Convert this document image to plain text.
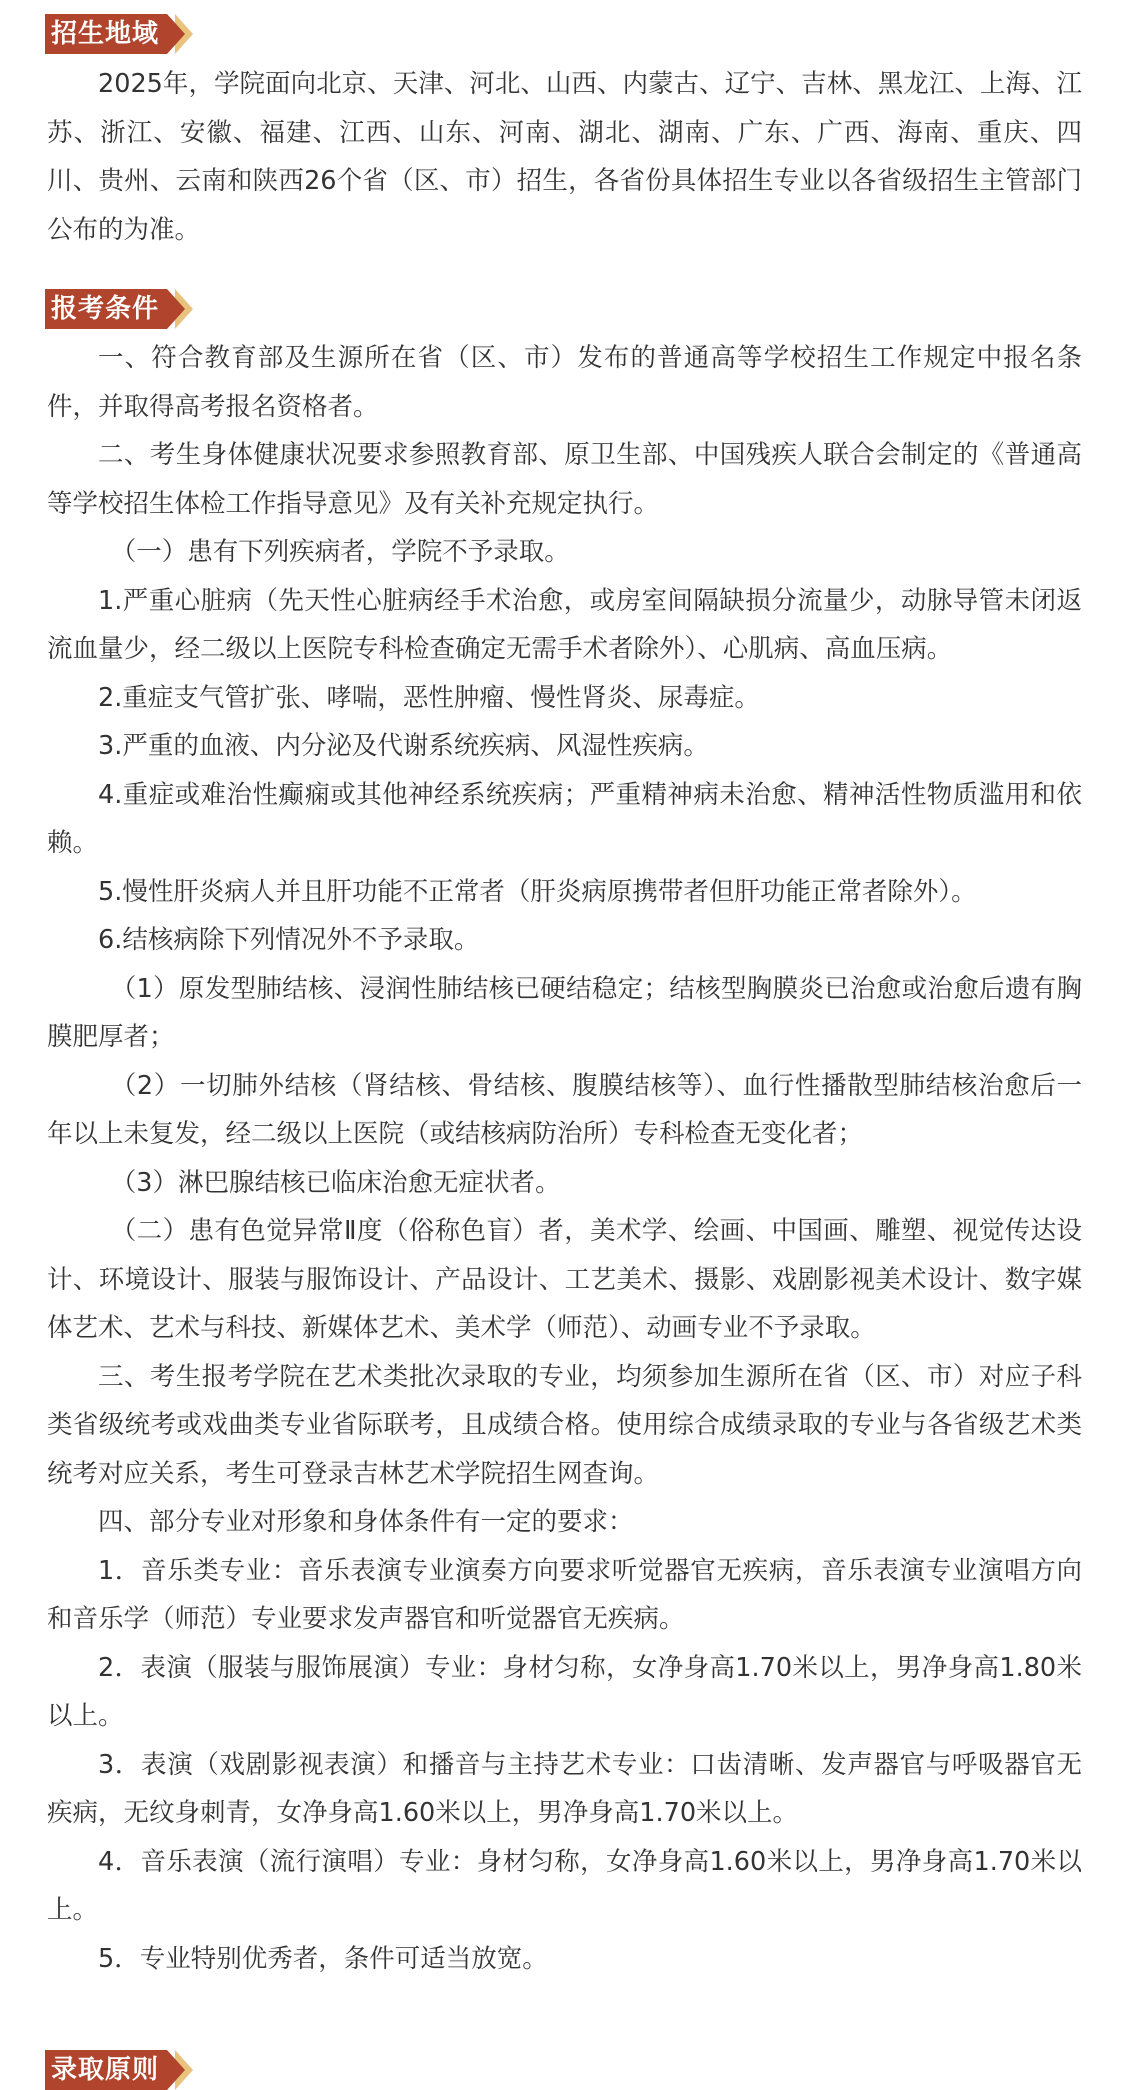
招生地域

2025年，学院面向北京、天津、河北、山西、内蒙古、辽宁、吉林、黑龙江、上海、江苏、浙江、安徽、福建、江西、山东、河南、湖北、湖南、广东、广西、海南、重庆、四川、贵州、云南和陕西26个省（区、市）招生，各省份具体招生专业以各省级招生主管部门公布的为准。

报考条件

一、符合教育部及生源所在省（区、市）发布的普通高等学校招生工作规定中报名条件，并取得高考报名资格者。

二、考生身体健康状况要求参照教育部、原卫生部、中国残疾人联合会制定的《普通高等学校招生体检工作指导意见》及有关补充规定执行。

（一）患有下列疾病者，学院不予录取。

1.严重心脏病（先天性心脏病经手术治愈，或房室间隔缺损分流量少，动脉导管未闭返流血量少，经二级以上医院专科检查确定无需手术者除外）、心肌病、高血压病。

2.重症支气管扩张、哮喘，恶性肿瘤、慢性肾炎、尿毒症。

3.严重的血液、内分泌及代谢系统疾病、风湿性疾病。

4.重症或难治性癫痫或其他神经系统疾病；严重精神病未治愈、精神活性物质滥用和依赖。

5.慢性肝炎病人并且肝功能不正常者（肝炎病原携带者但肝功能正常者除外）。

6.结核病除下列情况外不予录取。

（1）原发型肺结核、浸润性肺结核已硬结稳定；结核型胸膜炎已治愈或治愈后遗有胸膜肥厚者；

（2）一切肺外结核（肾结核、骨结核、腹膜结核等）、血行性播散型肺结核治愈后一年以上未复发，经二级以上医院（或结核病防治所）专科检查无变化者；

（3）淋巴腺结核已临床治愈无症状者。

（二）患有色觉异常Ⅱ度（俗称色盲）者，美术学、绘画、中国画、雕塑、视觉传达设计、环境设计、服装与服饰设计、产品设计、工艺美术、摄影、戏剧影视美术设计、数字媒体艺术、艺术与科技、新媒体艺术、美术学（师范）、动画专业不予录取。

三、考生报考学院在艺术类批次录取的专业，均须参加生源所在省（区、市）对应子科类省级统考或戏曲类专业省际联考，且成绩合格。使用综合成绩录取的专业与各省级艺术类统考对应关系，考生可登录吉林艺术学院招生网查询。

四、部分专业对形象和身体条件有一定的要求：

1．音乐类专业：音乐表演专业演奏方向要求听觉器官无疾病，音乐表演专业演唱方向和音乐学（师范）专业要求发声器官和听觉器官无疾病。

2．表演（服装与服饰展演）专业：身材匀称，女净身高1.70米以上，男净身高1.80米以上。

3．表演（戏剧影视表演）和播音与主持艺术专业：口齿清晰、发声器官与呼吸器官无疾病，无纹身刺青，女净身高1.60米以上，男净身高1.70米以上。

4．音乐表演（流行演唱）专业：身材匀称，女净身高1.60米以上，男净身高1.70米以上。

5．专业特别优秀者，条件可适当放宽。

录取原则
